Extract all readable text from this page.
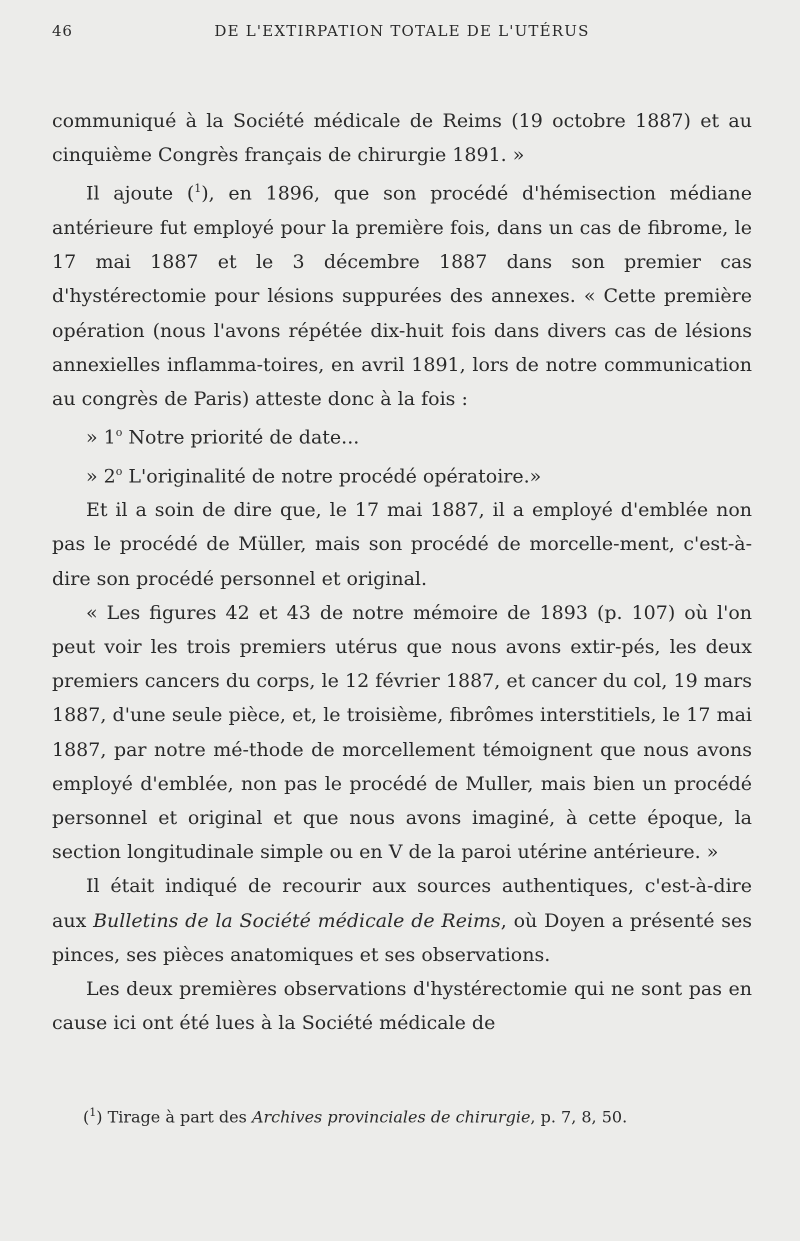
46	DE L'EXTIRPATION TOTALE DE L'UTÉRUS

communiqué à la Société médicale de Reims (19 octobre 1887) et au cinquième Congrès français de chirurgie 1891. »

Il ajoute ($^1$), en 1896, que son procédé d'hémisection médiane antérieure fut employé pour la première fois, dans un cas de fibrome, le 17 mai 1887 et le 3 décembre 1887 dans son premier cas d'hystérectomie pour lésions suppurées des annexes. « Cette première opération (nous l'avons répétée dix-huit fois dans divers cas de lésions annexielles inflamma-toires, en avril 1891, lors de notre communication au congrès de Paris) atteste donc à la fois :

» 1$^o$ Notre priorité de date...

» 2$^o$ L'originalité de notre procédé opératoire.»

Et il a soin de dire que, le 17 mai 1887, il a employé d'emblée non pas le procédé de Müller, mais son procédé de morcelle-ment, c'est-à-dire son procédé personnel et original.

« Les figures 42 et 43 de notre mémoire de 1893 (p. 107) où l'on peut voir les trois premiers utérus que nous avons extir-pés, les deux premiers cancers du corps, le 12 février 1887, et cancer du col, 19 mars 1887, d'une seule pièce, et, le troisième, fibrômes interstitiels, le 17 mai 1887, par notre mé-thode de morcellement témoignent que nous avons employé d'emblée, non pas le procédé de Muller, mais bien un procédé personnel et original et que nous avons imaginé, à cette époque, la section longitudinale simple ou en V de la paroi utérine antérieure. »

Il était indiqué de recourir aux sources authentiques, c'est-à-dire aux Bulletins de la Société médicale de Reims, où Doyen a présenté ses pinces, ses pièces anatomiques et ses observations.

Les deux premières observations d'hystérectomie qui ne sont pas en cause ici ont été lues à la Société médicale de

($^1$) Tirage à part des Archives provinciales de chirurgie, p. 7, 8, 50.
